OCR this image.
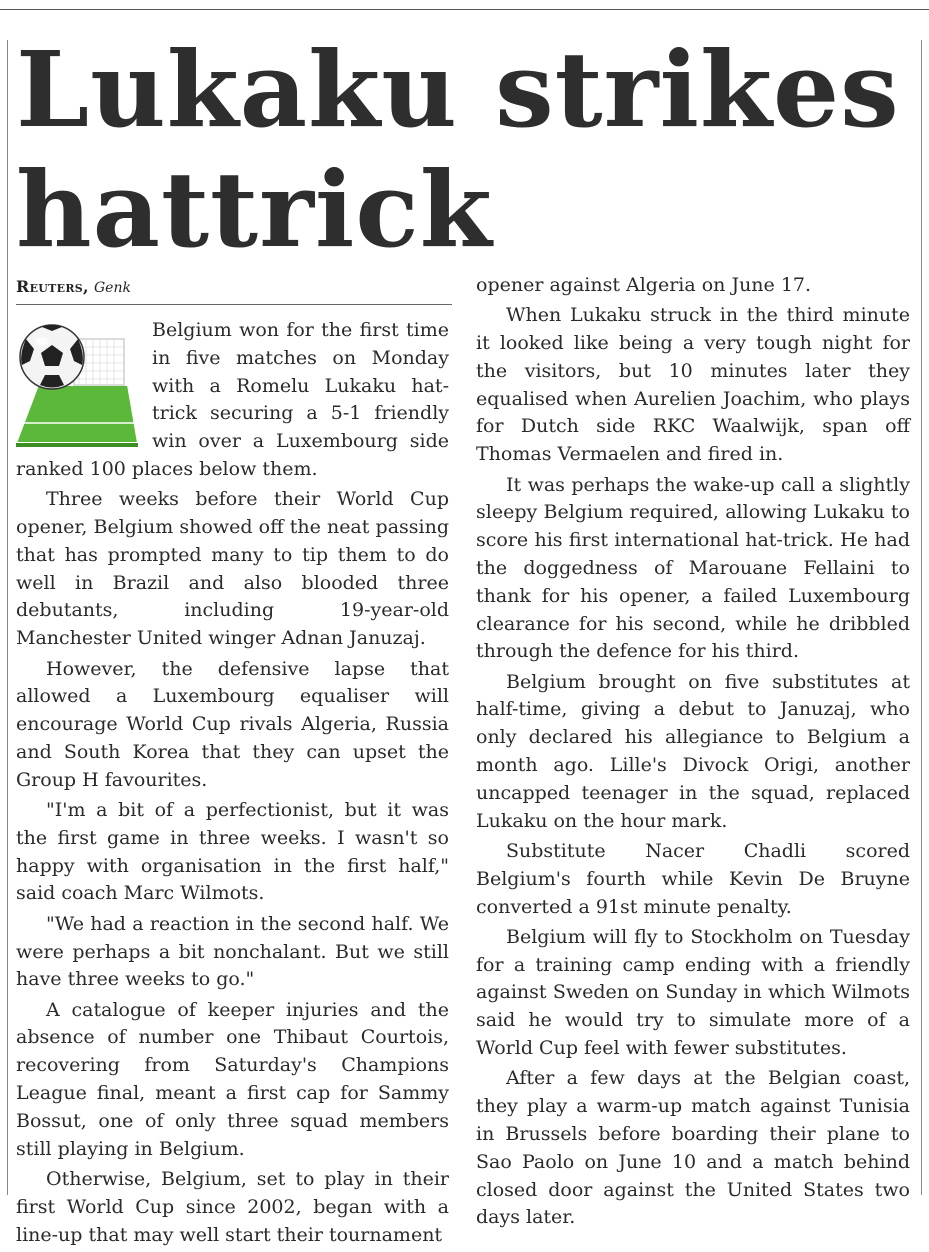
Lukaku strikes hattrick
Reuters, Genk

Belgium won for the first time in five matches on Monday with a Romelu Lukaku hat-trick securing a 5-1 friendly win over a Luxembourg side ranked 100 places below them.

Three weeks before their World Cup opener, Belgium showed off the neat passing that has prompted many to tip them to do well in Brazil and also blooded three debutants, including 19-year-old Manchester United winger Adnan Januzaj.

However, the defensive lapse that allowed a Luxembourg equaliser will encourage World Cup rivals Algeria, Russia and South Korea that they can upset the Group H favourites.

"I'm a bit of a perfectionist, but it was the first game in three weeks. I wasn't so happy with organisation in the first half," said coach Marc Wilmots.

"We had a reaction in the second half. We were perhaps a bit nonchalant. But we still have three weeks to go."

A catalogue of keeper injuries and the absence of number one Thibaut Courtois, recovering from Saturday's Champions League final, meant a first cap for Sammy Bossut, one of only three squad members still playing in Belgium.

Otherwise, Belgium, set to play in their first World Cup since 2002, began with a line-up that may well start their tournament

opener against Algeria on June 17.

When Lukaku struck in the third minute it looked like being a very tough night for the visitors, but 10 minutes later they equalised when Aurelien Joachim, who plays for Dutch side RKC Waalwijk, span off Thomas Vermaelen and fired in.

It was perhaps the wake-up call a slightly sleepy Belgium required, allowing Lukaku to score his first international hat-trick. He had the doggedness of Marouane Fellaini to thank for his opener, a failed Luxembourg clearance for his second, while he dribbled through the defence for his third.

Belgium brought on five substitutes at half-time, giving a debut to Januzaj, who only declared his allegiance to Belgium a month ago. Lille's Divock Origi, another uncapped teenager in the squad, replaced Lukaku on the hour mark.

Substitute Nacer Chadli scored Belgium's fourth while Kevin De Bruyne converted a 91st minute penalty.

Belgium will fly to Stockholm on Tuesday for a training camp ending with a friendly against Sweden on Sunday in which Wilmots said he would try to simulate more of a World Cup feel with fewer substitutes.

After a few days at the Belgian coast, they play a warm-up match against Tunisia in Brussels before boarding their plane to Sao Paolo on June 10 and a match behind closed door against the United States two days later.
